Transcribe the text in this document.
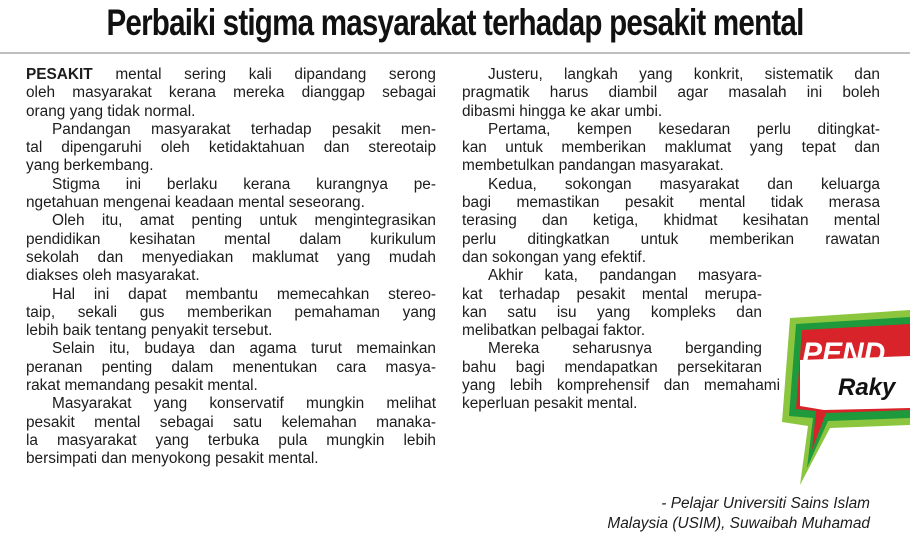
Perbaiki stigma masyarakat terhadap pesakit mental

PESAKIT mental sering kali dipandang serong

oleh masyarakat kerana mereka dianggap sebagai

orang yang tidak normal.

Pandangan masyarakat terhadap pesakit men-

tal dipengaruhi oleh ketidaktahuan dan stereotaip

yang berkembang.

Stigma ini berlaku kerana kurangnya pe-

ngetahuan mengenai keadaan mental seseorang.

Oleh itu, amat penting untuk mengintegrasikan

pendidikan kesihatan mental dalam kurikulum

sekolah dan menyediakan maklumat yang mudah

diakses oleh masyarakat.

Hal ini dapat membantu memecahkan stereo-

taip, sekali gus memberikan pemahaman yang

lebih baik tentang penyakit tersebut.

Selain itu, budaya dan agama turut memainkan

peranan penting dalam menentukan cara masya-

rakat memandang pesakit mental.

Masyarakat yang konservatif mungkin melihat

pesakit mental sebagai satu kelemahan manaka-

la masyarakat yang terbuka pula mungkin lebih

bersimpati dan menyokong pesakit mental.

Justeru, langkah yang konkrit, sistematik dan

pragmatik harus diambil agar masalah ini boleh

dibasmi hingga ke akar umbi.

Pertama, kempen kesedaran perlu ditingkat-

kan untuk memberikan maklumat yang tepat dan

membetulkan pandangan masyarakat.

Kedua, sokongan masyarakat dan keluarga

bagi memastikan pesakit mental tidak merasa

terasing dan ketiga, khidmat kesihatan mental

perlu ditingkatkan untuk memberikan rawatan

dan sokongan yang efektif.

Akhir kata, pandangan masyara-

kat terhadap pesakit mental merupa-

kan satu isu yang kompleks dan

melibatkan pelbagai faktor.

Mereka seharusnya berganding

bahu bagi mendapatkan persekitaran

yang lebih komprehensif dan memahami

keperluan pesakit mental.

- Pelajar Universiti Sains Islam

Malaysia (USIM), Suwaibah Muhamad

PEND
Raky
